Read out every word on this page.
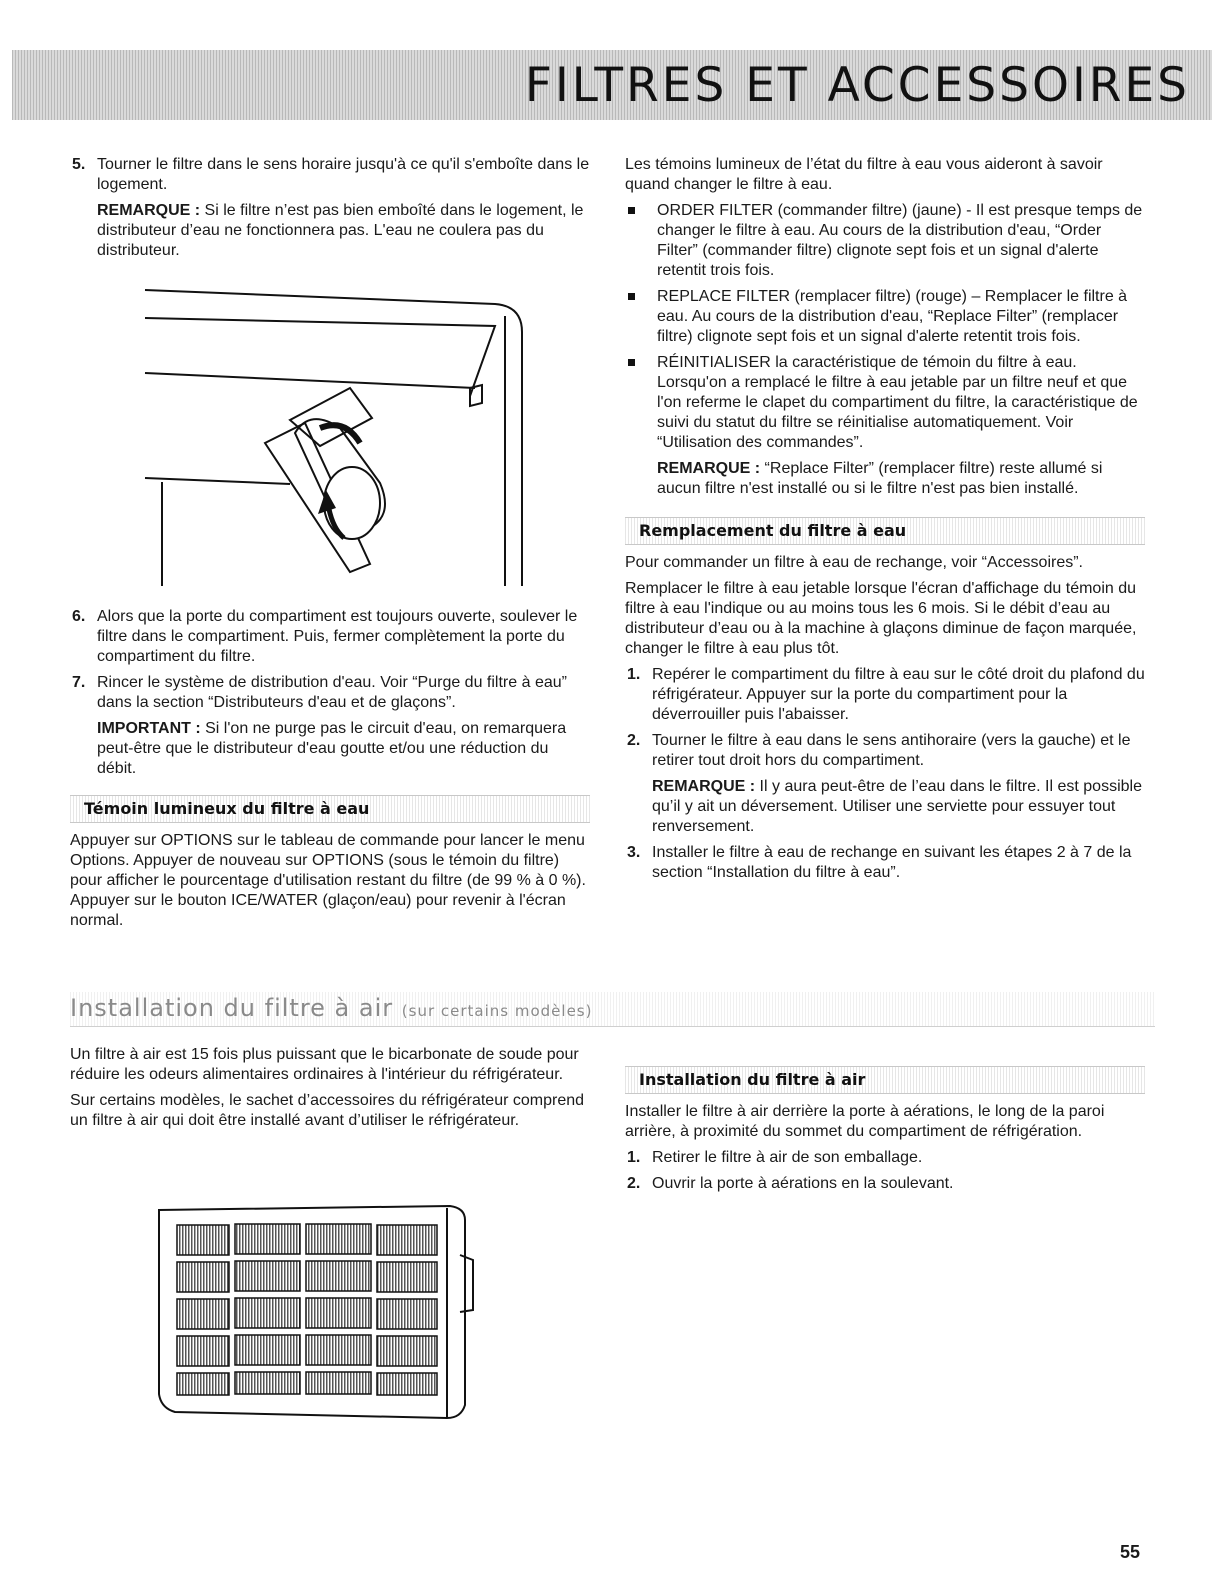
FILTRES ET ACCESSOIRES
5. Tourner le filtre dans le sens horaire jusqu'à ce qu'il s'emboîte dans le logement.

REMARQUE : Si le filtre n’est pas bien emboîté dans le logement, le distributeur d’eau ne fonctionnera pas. L'eau ne coulera pas du distributeur.

6. Alors que la porte du compartiment est toujours ouverte, soulever le filtre dans le compartiment. Puis, fermer complètement la porte du compartiment du filtre.
7. Rincer le système de distribution d'eau. Voir “Purge du filtre à eau” dans la section “Distributeurs d'eau et de glaçons”.

IMPORTANT : Si l'on ne purge pas le circuit d'eau, on remarquera peut-être que le distributeur d'eau goutte et/ou une réduction du débit.

Témoin lumineux du filtre à eau

Appuyer sur OPTIONS sur le tableau de commande pour lancer le menu Options. Appuyer de nouveau sur OPTIONS (sous le témoin du filtre) pour afficher le pourcentage d'utilisation restant du filtre (de 99 % à 0 %). Appuyer sur le bouton ICE/WATER (glaçon/eau) pour revenir à l'écran normal.

Les témoins lumineux de l’état du filtre à eau vous aideront à savoir quand changer le filtre à eau.

ORDER FILTER (commander filtre) (jaune) - Il est presque temps de changer le filtre à eau. Au cours de la distribution d'eau, “Order Filter” (commander filtre) clignote sept fois et un signal d'alerte retentit trois fois.
REPLACE FILTER (remplacer filtre) (rouge) – Remplacer le filtre à eau. Au cours de la distribution d'eau, “Replace Filter” (remplacer filtre) clignote sept fois et un signal d'alerte retentit trois fois.
RÉINITIALISER la caractéristique de témoin du filtre à eau. Lorsqu'on a remplacé le filtre à eau jetable par un filtre neuf et que l'on referme le clapet du compartiment du filtre, la caractéristique de suivi du statut du filtre se réinitialise automatiquement. Voir “Utilisation des commandes”.

REMARQUE : “Replace Filter” (remplacer filtre) reste allumé si aucun filtre n'est installé ou si le filtre n'est pas bien installé.

Remplacement du filtre à eau

Pour commander un filtre à eau de rechange, voir “Accessoires”.

Remplacer le filtre à eau jetable lorsque l'écran d'affichage du témoin du filtre à eau l'indique ou au moins tous les 6 mois. Si le débit d’eau au distributeur d’eau ou à la machine à glaçons diminue de façon marquée, changer le filtre à eau plus tôt.

1. Repérer le compartiment du filtre à eau sur le côté droit du plafond du réfrigérateur. Appuyer sur la porte du compartiment pour la déverrouiller puis l'abaisser.
2. Tourner le filtre à eau dans le sens antihoraire (vers la gauche) et le retirer tout droit hors du compartiment.

REMARQUE : Il y aura peut-être de l’eau dans le filtre. Il est possible qu’il y ait un déversement. Utiliser une serviette pour essuyer tout renversement.

3. Installer le filtre à eau de rechange en suivant les étapes 2 à 7 de la section “Installation du filtre à eau”.
Installation du filtre à air (sur certains modèles)

Un filtre à air est 15 fois plus puissant que le bicarbonate de soude pour réduire les odeurs alimentaires ordinaires à l'intérieur du réfrigérateur.

Sur certains modèles, le sachet d’accessoires du réfrigérateur comprend un filtre à air qui doit être installé avant d’utiliser le réfrigérateur.

Installation du filtre à air

Installer le filtre à air derrière la porte à aérations, le long de la paroi arrière, à proximité du sommet du compartiment de réfrigération.

1. Retirer le filtre à air de son emballage.
2. Ouvrir la porte à aérations en la soulevant.
55
